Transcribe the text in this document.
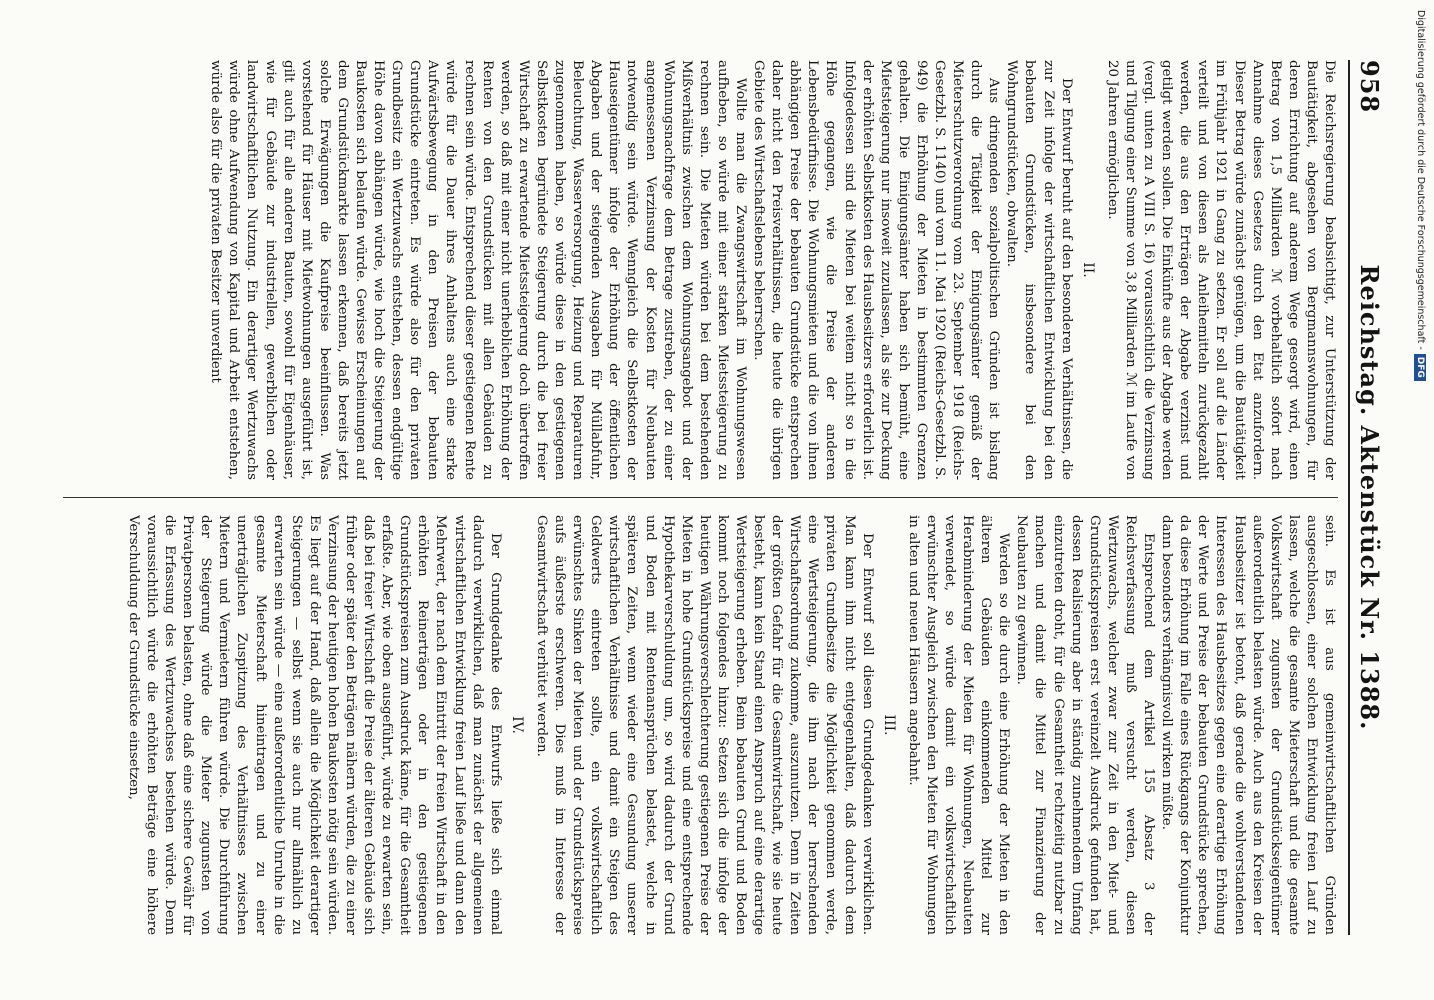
958
Reichstag. Aktenstück Nr. 1388.

Die Reichsregierung beabsichtigt, zur Unterstützung der Bautätigkeit, abgesehen von Bergmannswohnungen, für deren Errichtung auf anderem Wege gesorgt wird, einen Betrag von 1,5 Milliarden ℳ vorbehaltlich sofort nach Annahme dieses Gesetzes durch den Etat anzufordern. Dieser Betrag würde zunächst genügen, um die Bautätigkeit im Frühjahr 1921 in Gang zu setzen. Er soll auf die Länder verteilt und von diesen als Anleihemitteln zurückgezahlt werden, die aus den Erträgen der Abgabe verzinst und getilgt werden sollen. Die Einkünfte aus der Abgabe werden (vergl. unten zu A VIII S. 16) voraussichtlich die Verzinsung und Tilgung einer Summe von 3,8 Milliarden ℳ im Laufe von 20 Jahren ermöglichen.

II.

Der Entwurf beruht auf den besonderen Verhältnissen, die zur Zeit infolge der wirtschaftlichen Entwicklung bei den bebauten Grundstücken, insbesondere bei den Wohngrundstücken, obwalten.

Aus dringenden sozialpolitischen Gründen ist bislang durch die Tätigkeit der Einigungsämter gemäß der Mieterschutzverordnung vom 23. September 1918 (Reichs-Gesetzbl. S. 1140) und vom 11. Mai 1920 (Reichs-Gesetzbl. S. 949) die Erhöhung der Mieten in bestimmten Grenzen gehalten. Die Einigungsämter haben sich bemüht, eine Mietsteigerung nur insoweit zuzulassen, als sie zur Deckung der erhöhten Selbstkosten des Hausbesitzers erforderlich ist. Infolgedessen sind die Mieten bei weitem nicht so in die Höhe gegangen, wie die Preise der anderen Lebensbedürfnisse. Die Wohnungsmieten und die von ihnen abhängigen Preise der bebauten Grundstücke entsprechen daher nicht den Preisverhältnissen, die heute die übrigen Gebiete des Wirtschaftslebens beherrschen.

Wollte man die Zwangswirtschaft im Wohnungswesen aufheben, so würde mit einer starken Mietssteigerung zu rechnen sein. Die Mieten würden bei dem bestehenden Mißverhältnis zwischen dem Wohnungsangebot und der Wohnungsnachfrage dem Betrage zustreben, der zu einer angemessenen Verzinsung der Kosten für Neubauten notwendig sein würde. Wenngleich die Selbstkosten der Hauseigentümer infolge der Erhöhung der öffentlichen Abgaben und der steigenden Ausgaben für Müllabfuhr, Beleuchtung, Wasserversorgung, Heizung und Reparaturen zugenommen haben, so würde diese in den gestiegenen Selbstkosten begründete Steigerung durch die bei freier Wirtschaft zu erwartende Mietssteigerung doch übertroffen werden, so daß mit einer nicht unerheblichen Erhöhung der Renten von den Grundstücken mit allen Gebäuden zu rechnen sein würde. Entsprechend dieser gestiegenen Rente würde für die Dauer ihres Anhaltens auch eine starke Aufwärtsbewegung in den Preisen der bebauten Grundstücke eintreten. Es würde also für den privaten Grundbesitz ein Wertzuwachs entstehen, dessen endgültige Höhe davon abhängen würde, wie hoch die Steigerung der Baukosten sich belaufen würde. Gewisse Erscheinungen auf dem Grundstückmarkte lassen erkennen, daß bereits jetzt solche Erwägungen die Kaufpreise beeinflussen. Was vorstehend für Häuser mit Mietwohnungen ausgeführt ist, gilt auch für alle anderen Bauten, sowohl für Eigenhäuser, wie für Gebäude zur industriellen, gewerblichen oder landwirtschaftlichen Nutzung. Ein derartiger Wertzuwachs würde ohne Aufwendung von Kapital und Arbeit entstehen, würde also für die privaten Besitzer unverdient

sein. Es ist aus gemeinwirtschaftlichen Gründen ausgeschlossen, einer solchen Entwicklung freien Lauf zu lassen, welche die gesamte Mieterschaft und die gesamte Volkswirtschaft zugunsten der Grundstückseigentümer außerordentlich belasten würde. Auch aus den Kreisen der Hausbesitzer ist betont, daß gerade die wohlverstandenen Interessen des Hausbesitzes gegen eine derartige Erhöhung der Werte und Preise der bebauten Grundstücke sprechen, da diese Erhöhung im Falle eines Rückgangs der Konjunktur dann besonders verhängnisvoll wirken müßte.

Entsprechend dem Artikel 155 Absatz 3 der Reichsverfassung muß versucht werden, diesen Wertzuwachs, welcher zwar zur Zeit in den Miet- und Grundstückspreisen erst vereinzelt Ausdruck gefunden hat, dessen Realisierung aber in ständig zunehmendem Umfang einzutreten droht, für die Gesamtheit rechtzeitig nutzbar zu machen und damit die Mittel zur Finanzierung der Neubauten zu gewinnen.

Werden so die durch eine Erhöhung der Mieten in den älteren Gebäuden einkommenden Mittel zur Herabminderung der Mieten für Wohnungen, Neubauten verwendet, so würde damit ein volkswirtschaftlich erwünschter Ausgleich zwischen den Mieten für Wohnungen in alten und neuen Häusern angebahnt.

III.

Der Entwurf soll diesen Grundgedanken verwirklichen. Man kann ihm nicht entgegenhalten, daß dadurch dem privaten Grundbesitze die Möglichkeit genommen werde, eine Wertsteigerung, die ihm nach der herrschenden Wirtschaftsordnung zukomme, auszunutzen. Denn in Zeiten der größten Gefahr für die Gesamtwirtschaft, wie sie heute besteht, kann kein Stand einen Anspruch auf eine derartige Wertsteigerung erheben. Beim bebauten Grund und Boden kommt noch folgendes hinzu: Setzen sich die infolge der heutigen Währungsverschlechterung gestiegenen Preise der Mieten in hohe Grundstückspreise und eine entsprechende Hypothekarverschuldung um, so wird dadurch der Grund und Boden mit Rentenansprüchen belastet, welche in späteren Zeiten, wenn wieder eine Gesundung unserer wirtschaftlichen Verhältnisse und damit ein Steigen des Geldwerts eintreten sollte, ein volkswirtschaftlich erwünschtes Sinken der Mieten und der Grundstückspreise aufs äußerste erschweren. Dies muß im Interesse der Gesamtwirtschaft verhütet werden.

IV.

Der Grundgedanke des Entwurfs ließe sich einmal dadurch verwirklichen, daß man zunächst der allgemeinen wirtschaftlichen Entwicklung freien Lauf ließe und dann den Mehrwert, der nach dem Eintritt der freien Wirtschaft in den erhöhten Reinerträgen oder in den gestiegenen Grundstückspreisen zum Ausdruck käme, für die Gesamtheit erfaßte. Aber, wie oben ausgeführt, würde zu erwarten sein, daß bei freier Wirtschaft die Preise der älteren Gebäude sich früher oder später den Beträgen nähern würden, die zu einer Verzinsung der heutigen hohen Baukosten nötig sein würden. Es liegt auf der Hand, daß allein die Möglichkeit derartiger Steigerungen — selbst wenn sie auch nur allmählich zu erwarten sein würde — eine außerordentliche Unruhe in die gesamte Mieterschaft hineintragen und zu einer unerträglichen Zuspitzung des Verhältnisses zwischen Mietern und Vermietern führen würde. Die Durchführung der Steigerung würde die Mieter zugunsten von Privatpersonen belasten, ohne daß eine sichere Gewähr für die Erfassung des Wertzuwachses bestehen würde. Denn voraussichtlich würde die erhöhten Beträge eine höhere Verschuldung der Grundstücke einsetzen,

Digitalisierung gefördert durch die Deutsche Forschungsgemeinschaft -DFG
